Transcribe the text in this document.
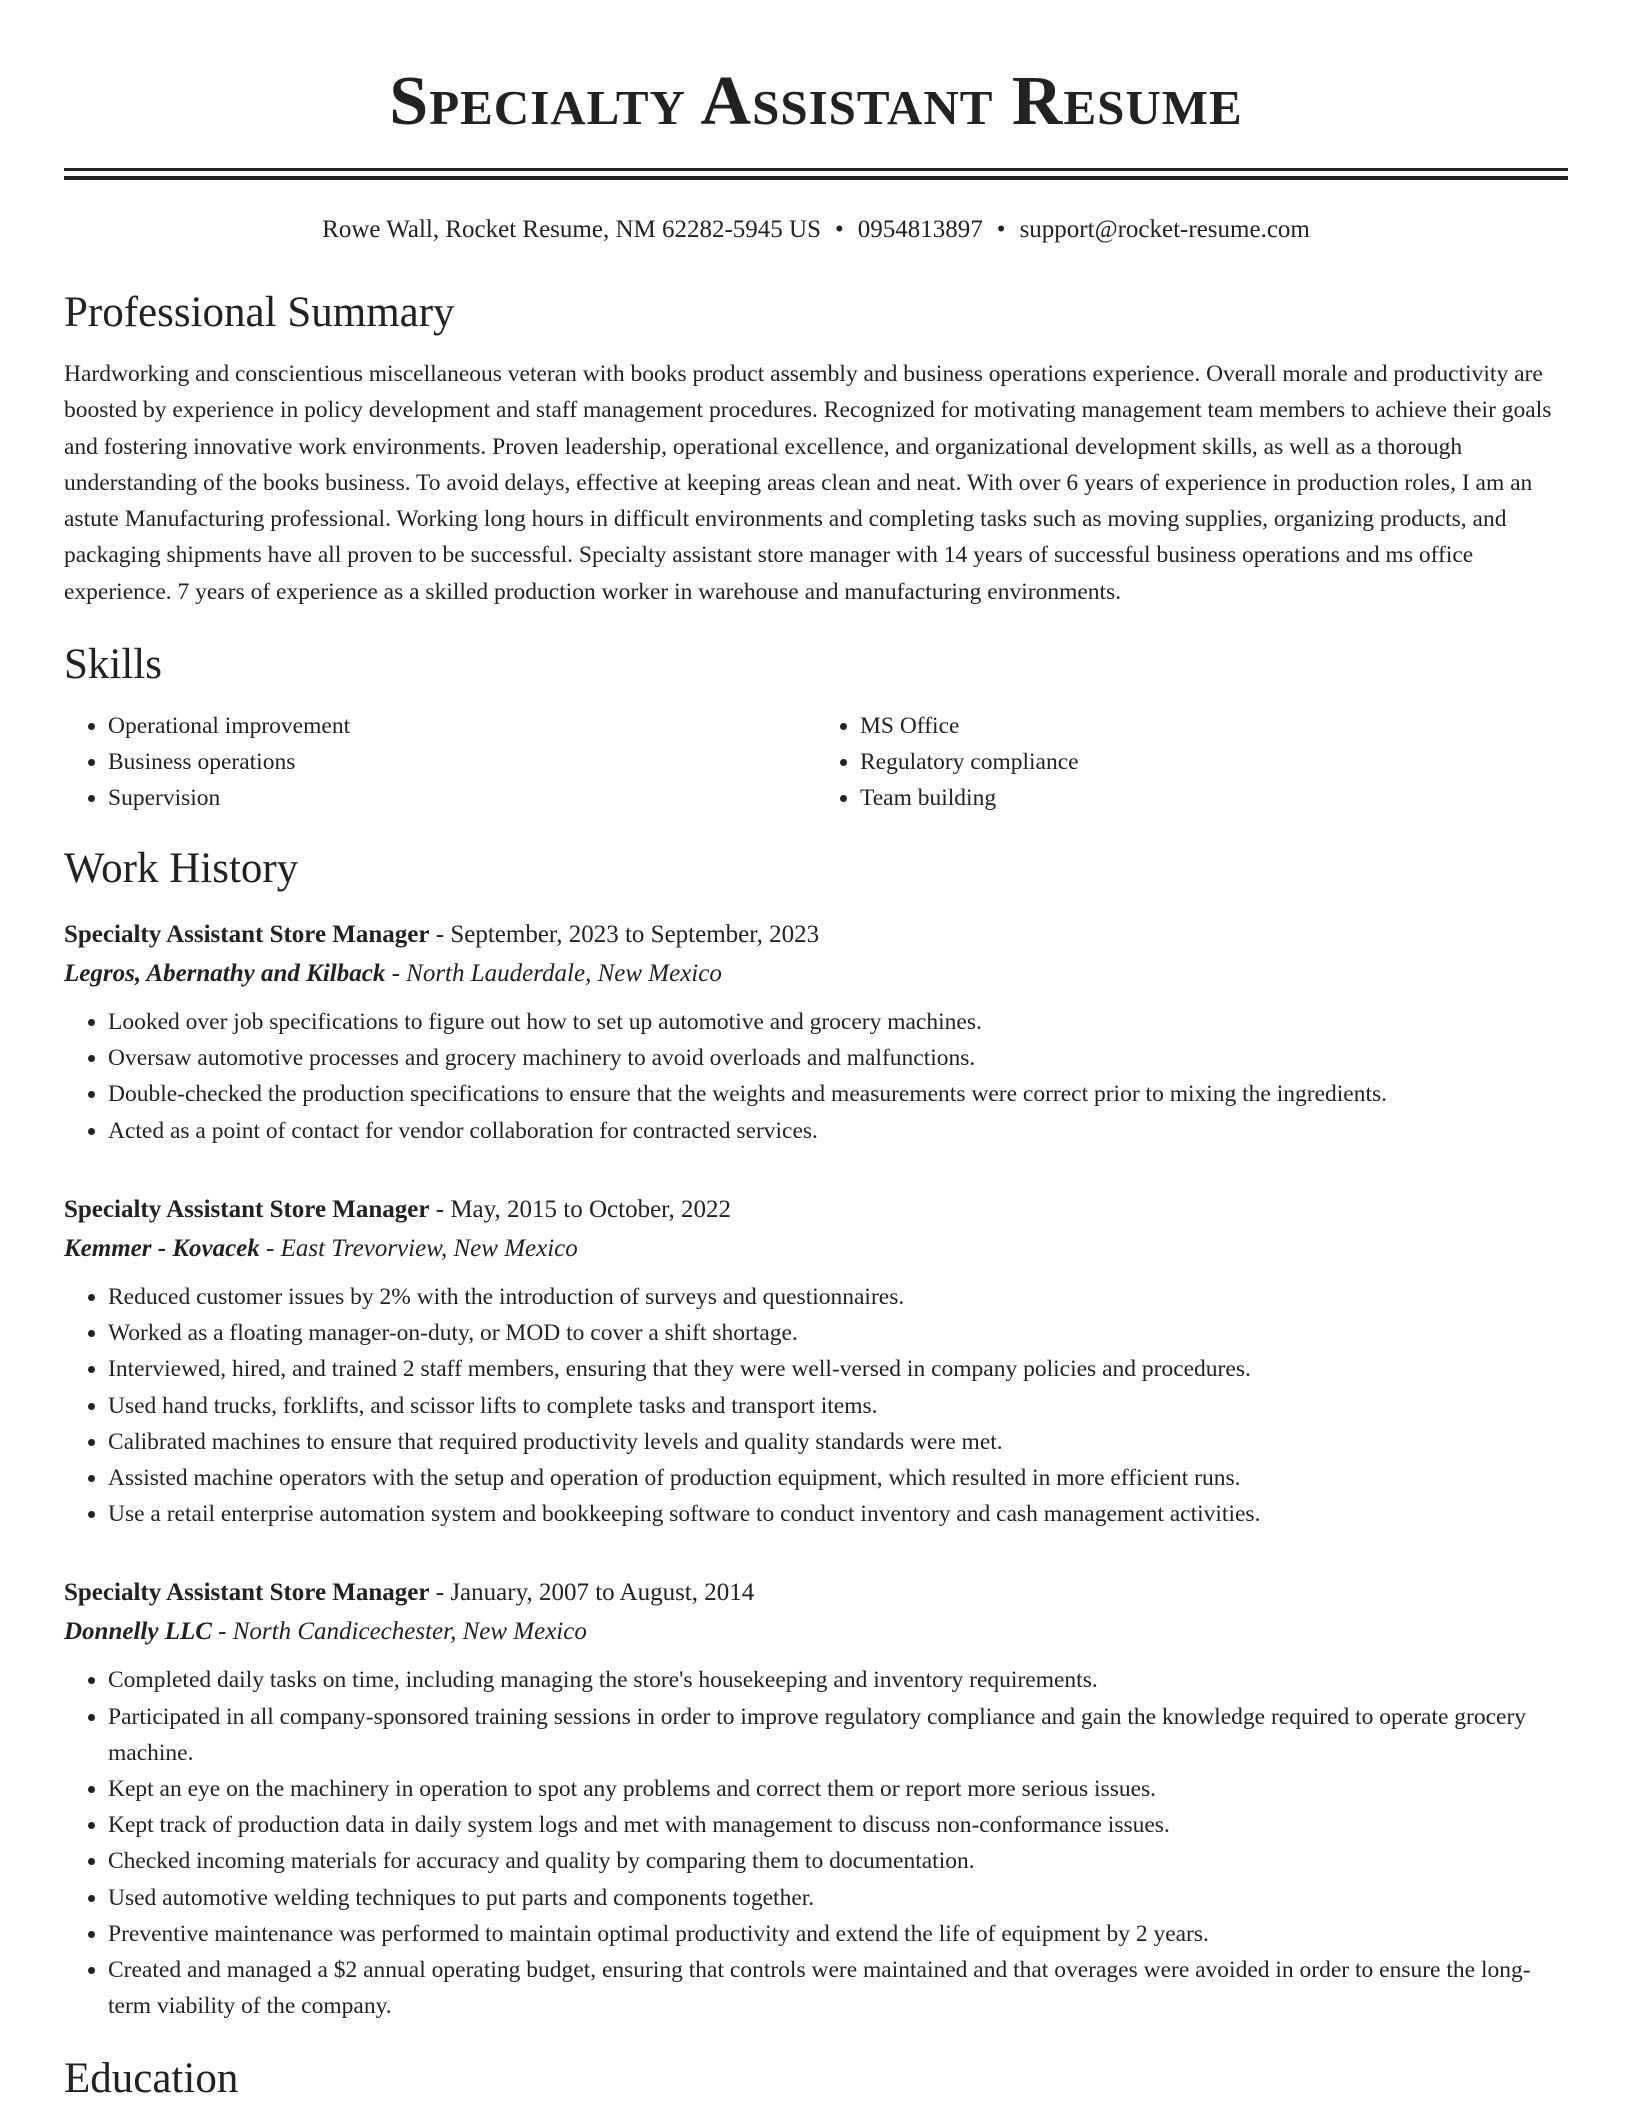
Specialty Assistant Resume
Rowe Wall, Rocket Resume, NM 62282-5945 US • 0954813897 • support@rocket-resume.com
Professional Summary
Hardworking and conscientious miscellaneous veteran with books product assembly and business operations experience. Overall morale and productivity are boosted by experience in policy development and staff management procedures. Recognized for motivating management team members to achieve their goals and fostering innovative work environments. Proven leadership, operational excellence, and organizational development skills, as well as a thorough understanding of the books business. To avoid delays, effective at keeping areas clean and neat. With over 6 years of experience in production roles, I am an astute Manufacturing professional. Working long hours in difficult environments and completing tasks such as moving supplies, organizing products, and packaging shipments have all proven to be successful. Specialty assistant store manager with 14 years of successful business operations and ms office experience. 7 years of experience as a skilled production worker in warehouse and manufacturing environments.
Skills
• Operational improvement
• Business operations
• Supervision
• MS Office
• Regulatory compliance
• Team building
Work History
Specialty Assistant Store Manager - September, 2023 to September, 2023
Legros, Abernathy and Kilback - North Lauderdale, New Mexico
• Looked over job specifications to figure out how to set up automotive and grocery machines.
• Oversaw automotive processes and grocery machinery to avoid overloads and malfunctions.
• Double-checked the production specifications to ensure that the weights and measurements were correct prior to mixing the ingredients.
• Acted as a point of contact for vendor collaboration for contracted services.
Specialty Assistant Store Manager - May, 2015 to October, 2022
Kemmer - Kovacek - East Trevorview, New Mexico
• Reduced customer issues by 2% with the introduction of surveys and questionnaires.
• Worked as a floating manager-on-duty, or MOD to cover a shift shortage.
• Interviewed, hired, and trained 2 staff members, ensuring that they were well-versed in company policies and procedures.
• Used hand trucks, forklifts, and scissor lifts to complete tasks and transport items.
• Calibrated machines to ensure that required productivity levels and quality standards were met.
• Assisted machine operators with the setup and operation of production equipment, which resulted in more efficient runs.
• Use a retail enterprise automation system and bookkeeping software to conduct inventory and cash management activities.
Specialty Assistant Store Manager - January, 2007 to August, 2014
Donnelly LLC - North Candicechester, New Mexico
• Completed daily tasks on time, including managing the store's housekeeping and inventory requirements.
• Participated in all company-sponsored training sessions in order to improve regulatory compliance and gain the knowledge required to operate grocery machine.
• Kept an eye on the machinery in operation to spot any problems and correct them or report more serious issues.
• Kept track of production data in daily system logs and met with management to discuss non-conformance issues.
• Checked incoming materials for accuracy and quality by comparing them to documentation.
• Used automotive welding techniques to put parts and components together.
• Preventive maintenance was performed to maintain optimal productivity and extend the life of equipment by 2 years.
• Created and managed a $2 annual operating budget, ensuring that controls were maintained and that overages were avoided in order to ensure the long-term viability of the company.
Education
